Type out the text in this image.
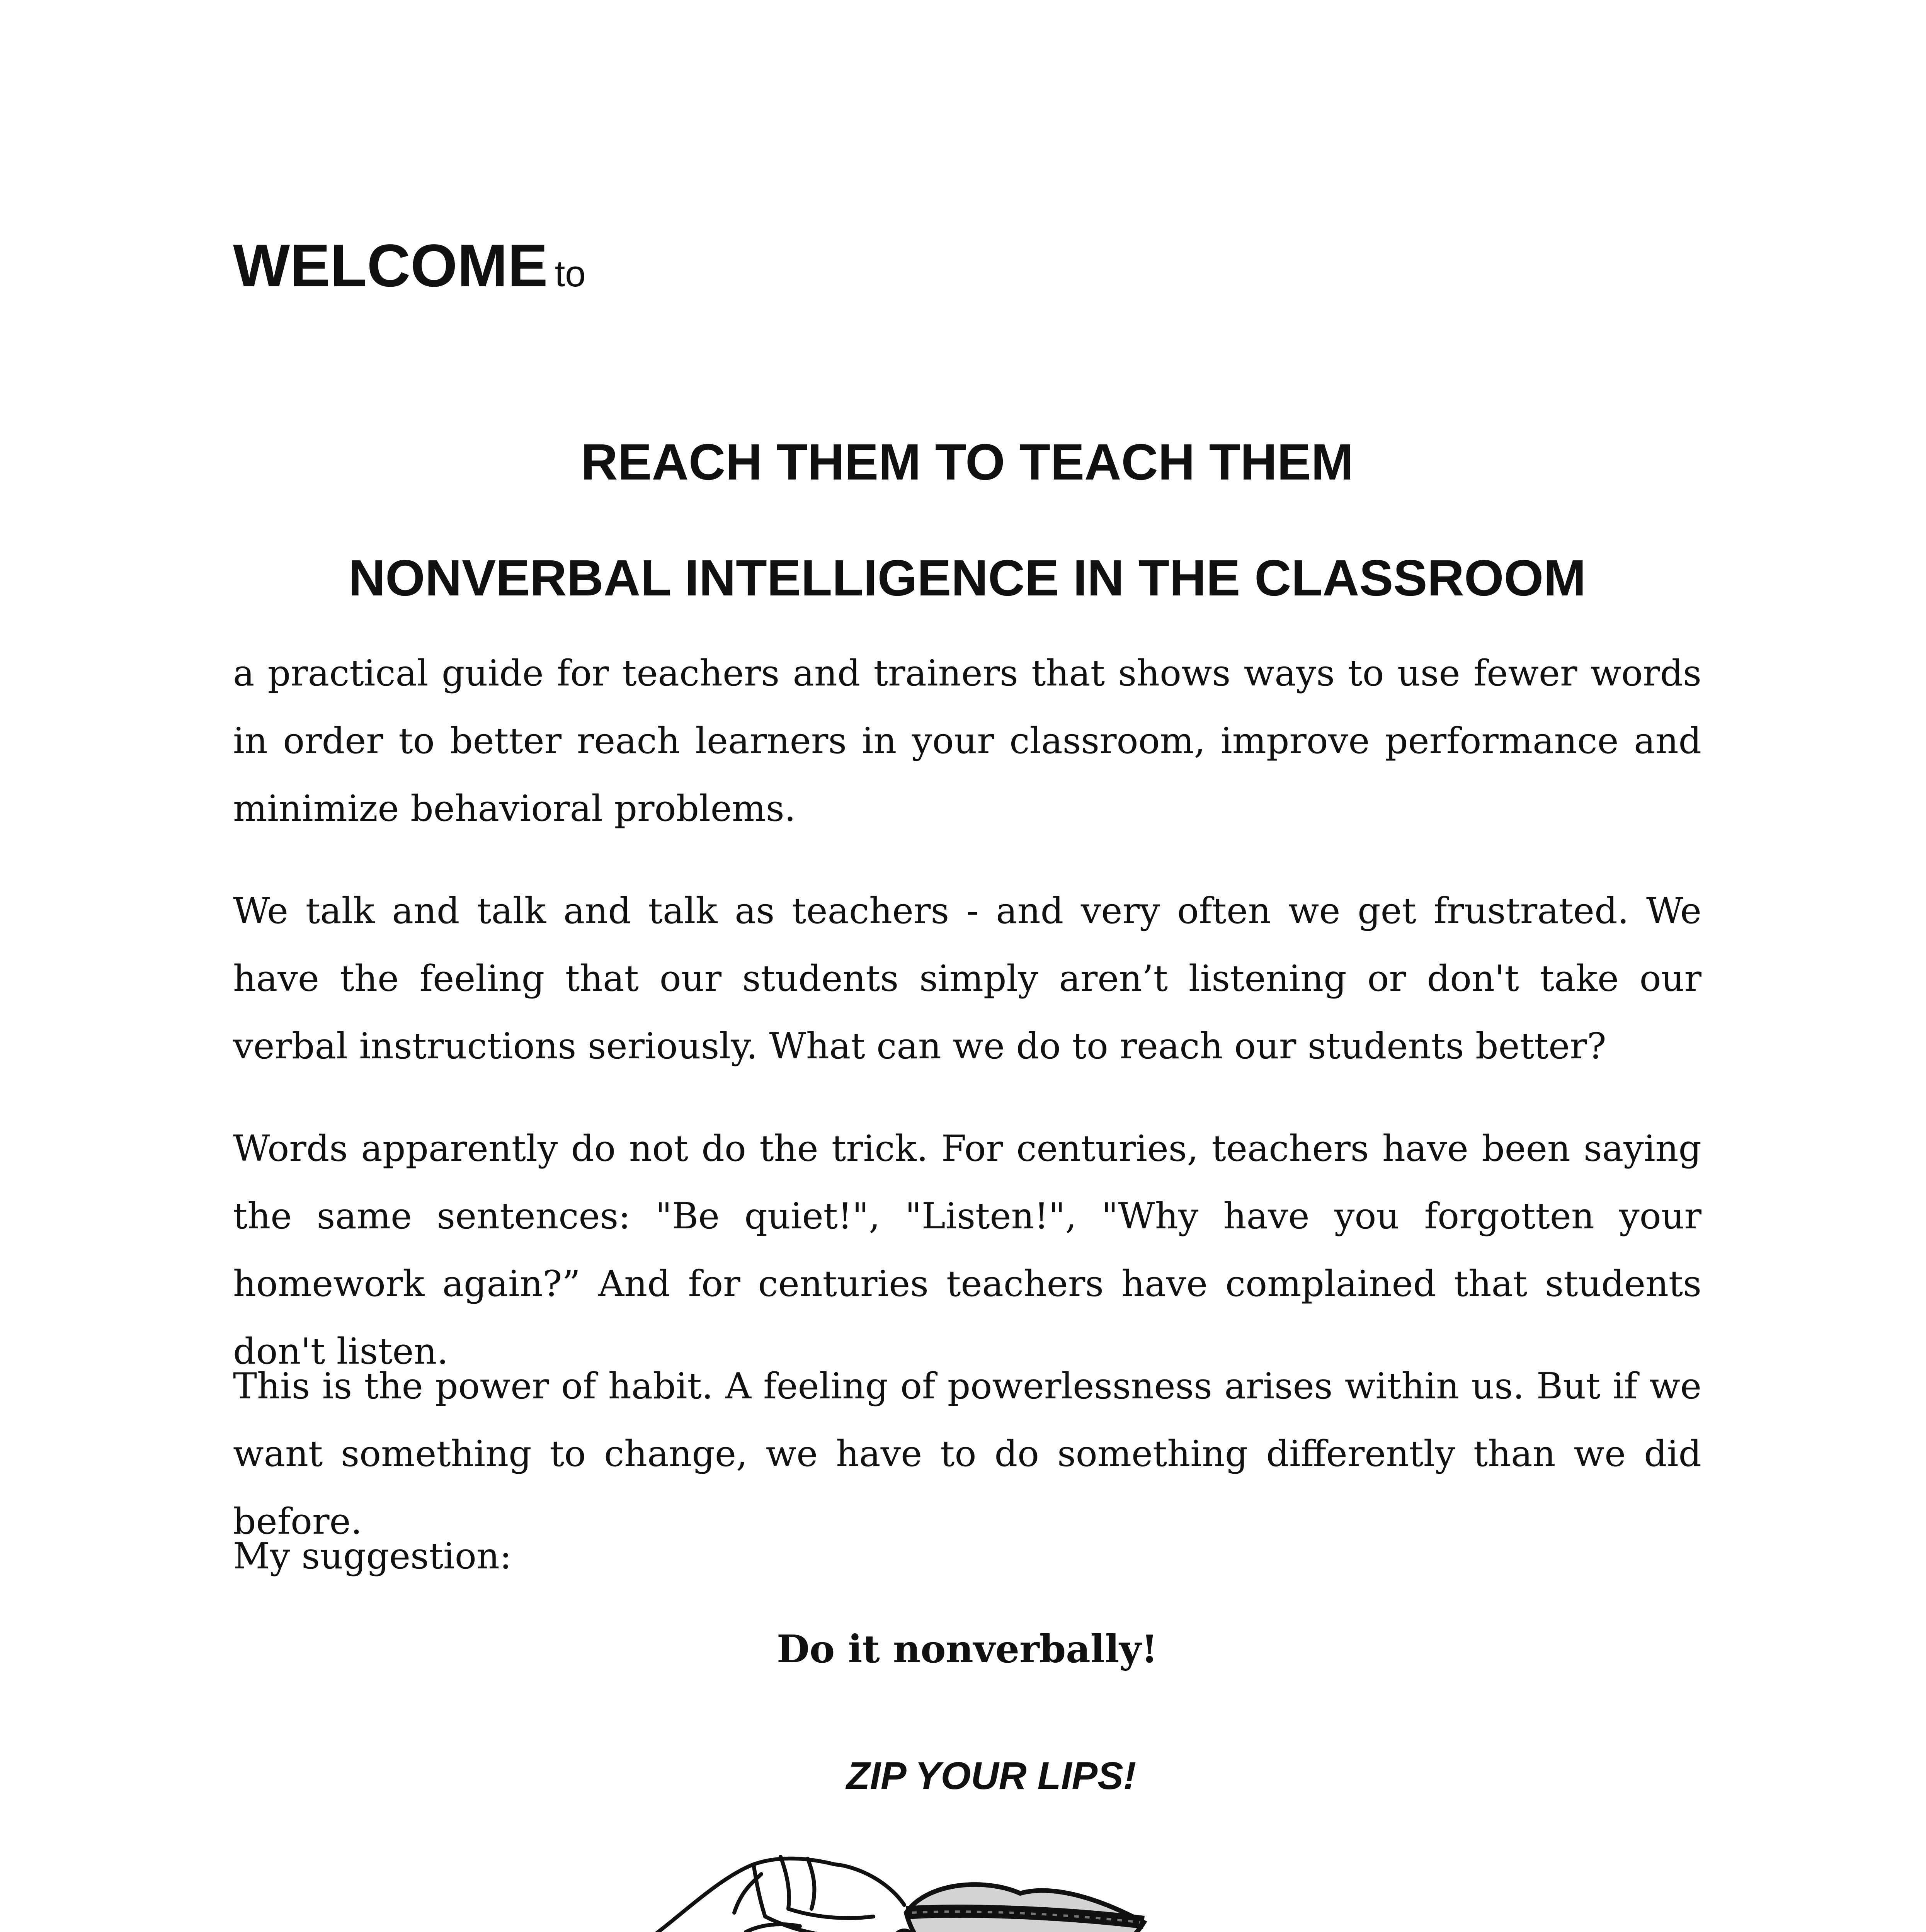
WELCOME to
REACH THEM TO TEACH THEM
NONVERBAL INTELLIGENCE IN THE CLASSROOM

a practical guide for teachers and trainers that shows ways to use fewer words in order to better reach learners in your classroom, improve performance and minimize behavioral problems.

We talk and talk and talk as teachers - and very often we get frustrated. We have the feeling that our students simply aren’t listening or don't take our verbal instructions seriously. What can we do to reach our students better?

Words apparently do not do the trick. For centuries, teachers have been saying the same sentences: "Be quiet!", "Listen!", "Why have you forgotten your homework again?” And for centuries teachers have complained that students don't listen.

This is the power of habit. A feeling of powerlessness arises within us. But if we want something to change, we have to do something differently than we did before.

My suggestion:

Do it nonverbally!
ZIP YOUR LIPS!
